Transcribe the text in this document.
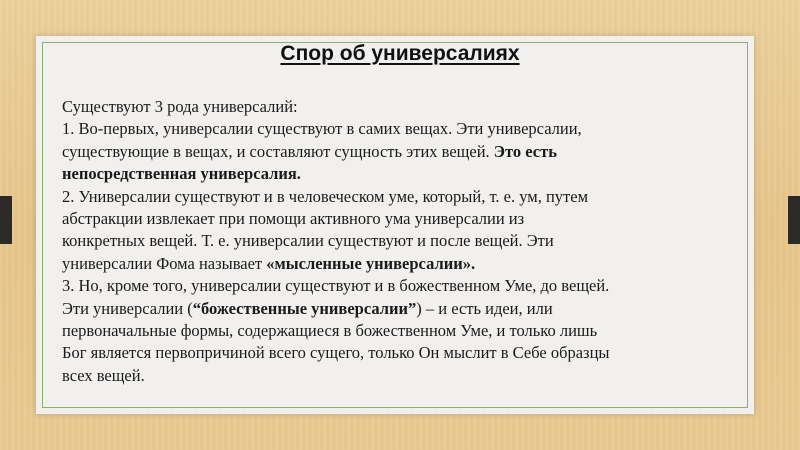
Спор об универсалиях
Существуют 3 рода универсалий:
1. Во-первых, универсалии существуют в самих вещах. Эти универсалии,
существующие в вещах, и составляют сущность этих вещей. Это есть
непосредственная универсалия.
2. Универсалии существуют и в человеческом уме, который, т. е. ум, путем
абстракции извлекает при помощи активного ума универсалии из
конкретных вещей. Т. е. универсалии существуют и после вещей. Эти
универсалии Фома называет «мысленные универсалии».
3. Но, кроме того, универсалии существуют и в божественном Уме, до вещей.
Эти универсалии (“божественные универсалии”) – и есть идеи, или
первоначальные формы, содержащиеся в божественном Уме, и только лишь
Бог является первопричиной всего сущего, только Он мыслит в Себе образцы
всех вещей.
